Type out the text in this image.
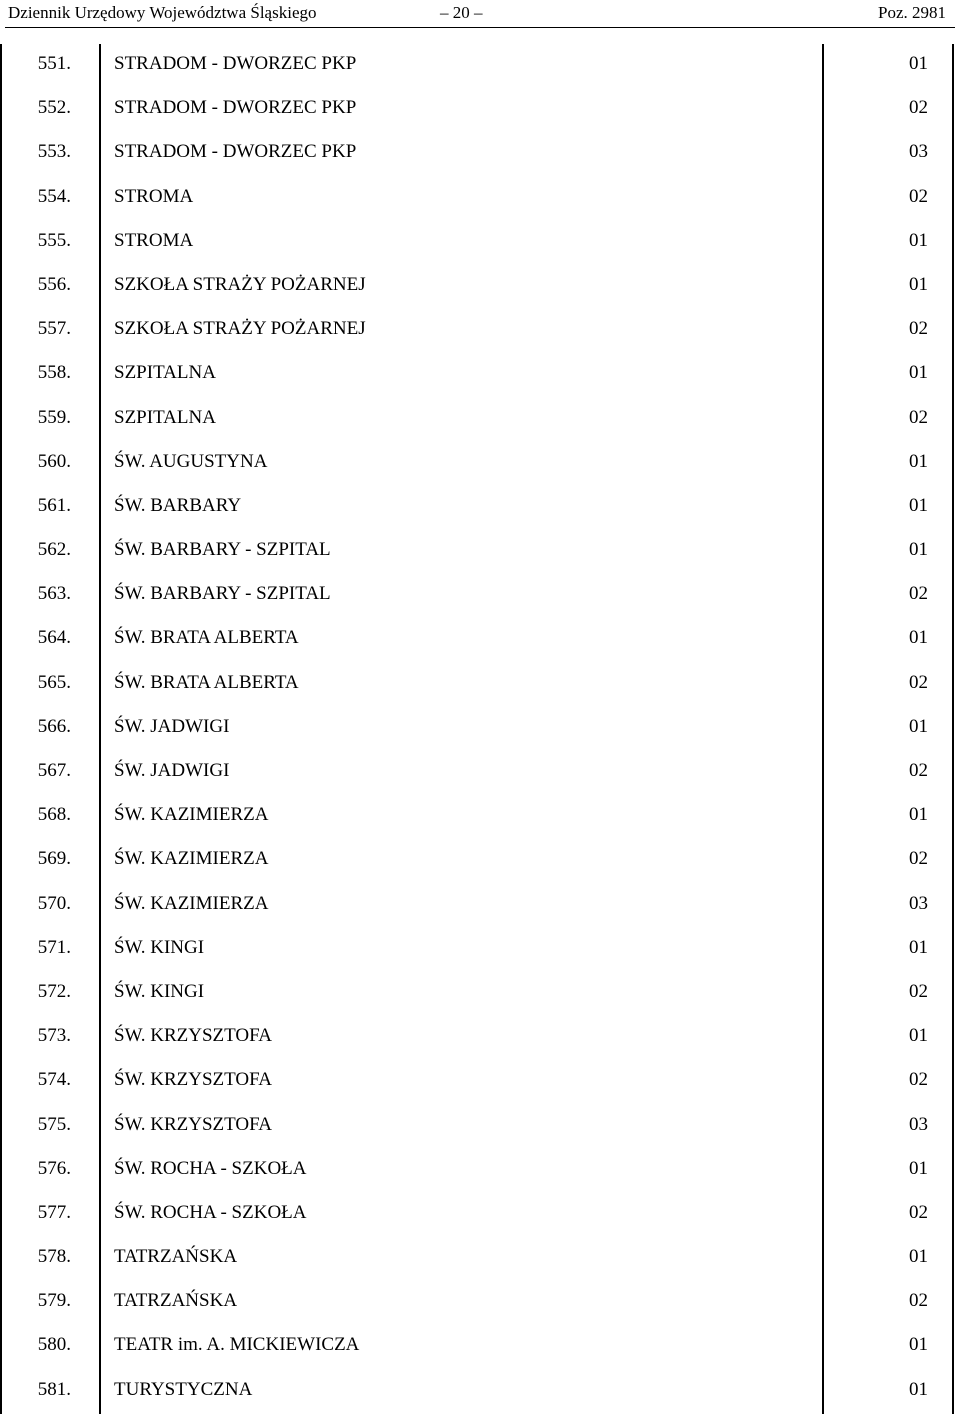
Dziennik Urzędowy Województwa Śląskiego	– 20 –	Poz. 2981
551.	STRADOM - DWORZEC PKP	01
552.	STRADOM - DWORZEC PKP	02
553.	STRADOM - DWORZEC PKP	03
554.	STROMA	02
555.	STROMA	01
556.	SZKOŁA STRAŻY POŻARNEJ	01
557.	SZKOŁA STRAŻY POŻARNEJ	02
558.	SZPITALNA	01
559.	SZPITALNA	02
560.	ŚW. AUGUSTYNA	01
561.	ŚW. BARBARY	01
562.	ŚW. BARBARY - SZPITAL	01
563.	ŚW. BARBARY - SZPITAL	02
564.	ŚW. BRATA ALBERTA	01
565.	ŚW. BRATA ALBERTA	02
566.	ŚW. JADWIGI	01
567.	ŚW. JADWIGI	02
568.	ŚW. KAZIMIERZA	01
569.	ŚW. KAZIMIERZA	02
570.	ŚW. KAZIMIERZA	03
571.	ŚW. KINGI	01
572.	ŚW. KINGI	02
573.	ŚW. KRZYSZTOFA	01
574.	ŚW. KRZYSZTOFA	02
575.	ŚW. KRZYSZTOFA	03
576.	ŚW. ROCHA - SZKOŁA	01
577.	ŚW. ROCHA - SZKOŁA	02
578.	TATRZAŃSKA	01
579.	TATRZAŃSKA	02
580.	TEATR im. A. MICKIEWICZA	01
581.	TURYSTYCZNA	01
